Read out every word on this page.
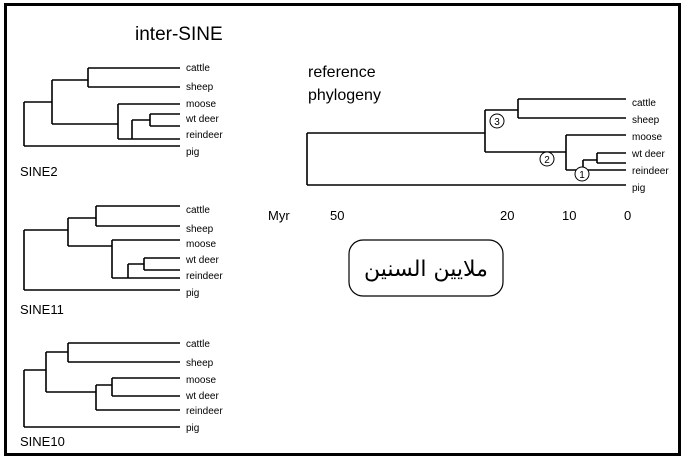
inter-SINE
cattle
sheep
moose
wt deer
reindeer
pig
SINE2
cattle
sheep
moose
wt deer
reindeer
pig
SINE11
cattle
sheep
moose
wt deer
reindeer
pig
SINE10
reference
phylogeny
3
2
1
cattle
sheep
moose
wt deer
reindeer
pig
Myr	50	20	10	0
ملايين السنين
